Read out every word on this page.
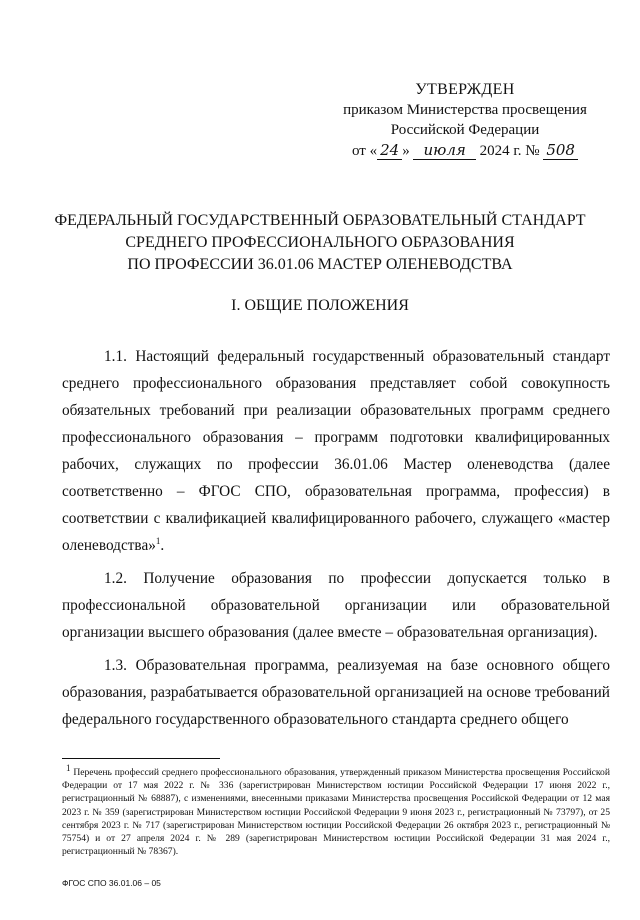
УТВЕРЖДЕН
приказом Министерства просвещения
Российской Федерации
от « 24 » июля 2024 г. № 508
ФЕДЕРАЛЬНЫЙ ГОСУДАРСТВЕННЫЙ ОБРАЗОВАТЕЛЬНЫЙ СТАНДАРТ
СРЕДНЕГО ПРОФЕССИОНАЛЬНОГО ОБРАЗОВАНИЯ
ПО ПРОФЕССИИ 36.01.06 МАСТЕР ОЛЕНЕВОДСТВА
I. ОБЩИЕ ПОЛОЖЕНИЯ

1.1. Настоящий федеральный государственный образовательный стандарт среднего профессионального образования представляет собой совокупность обязательных требований при реализации образовательных программ среднего профессионального образования – программ подготовки квалифицированных рабочих, служащих по профессии 36.01.06 Мастер оленеводства (далее соответственно – ФГОС СПО, образовательная программа, профессия) в соответствии с квалификацией квалифицированного рабочего, служащего «мастер оленеводства»$^1$.

1.2. Получение образования по профессии допускается только в профессиональной образовательной организации или образовательной организации высшего образования (далее вместе – образовательная организация).

1.3. Образовательная программа, реализуемая на базе основного общего образования, разрабатывается образовательной организацией на основе требований федерального государственного образовательного стандарта среднего общего

$^1$ Перечень профессий среднего профессионального образования, утвержденный приказом Министерства просвещения Российской Федерации от 17 мая 2022 г. № 336 (зарегистрирован Министерством юстиции Российской Федерации 17 июня 2022 г., регистрационный № 68887), с изменениями, внесенными приказами Министерства просвещения Российской Федерации от 12 мая 2023 г. № 359 (зарегистрирован Министерством юстиции Российской Федерации 9 июня 2023 г., регистрационный № 73797), от 25 сентября 2023 г. № 717 (зарегистрирован Министерством юстиции Российской Федерации 26 октября 2023 г., регистрационный № 75754) и от 27 апреля 2024 г. № 289 (зарегистрирован Министерством юстиции Российской Федерации 31 мая 2024 г., регистрационный № 78367).
ФГОС СПО 36.01.06 – 05
